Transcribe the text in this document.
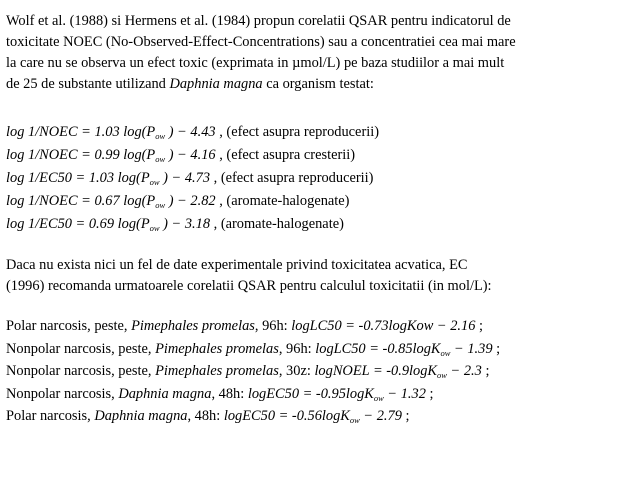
Wolf et al. (1988) si Hermens et al. (1984) propun corelatii QSAR pentru indicatorul de
toxicitate NOEC (No-Observed-Effect-Concentrations) sau a concentratiei cea mai mare
la care nu se observa un efect toxic (exprimata in µmol/L) pe baza studiilor a mai mult
de 25 de substante utilizand Daphnia magna ca organism testat:
log 1/NOEC = 1.03 $\log(P_{ow}$ ) − 4.43 , (efect asupra reproducerii)
log 1/NOEC = 0.99 $\log(P_{ow}$ ) − 4.16 , (efect asupra cresterii)
log 1/EC50 = 1.03 $\log(P_{ow}$ ) − 4.73 , (efect asupra reproducerii)
log 1/NOEC = 0.67 $\log(P_{ow}$ ) − 2.82 , (aromate-halogenate)
log 1/EC50 = 0.69 $\log(P_{ow}$ ) − 3.18 , (aromate-halogenate)
Daca nu exista nici un fel de date experimentale privind toxicitatea acvatica, EC
(1996) recomanda urmatoarele corelatii QSAR pentru calculul toxicitatii (in mol/L):
Polar narcosis, peste, Pimephales promelas, 96h: logLC50 = -0.73logKow − 2.16 ;
Nonpolar narcosis, peste, Pimephales promelas, 96h: logLC50 = -0.85logK$_{ow}$ − 1.39 ;
Nonpolar narcosis, peste, Pimephales promelas, 30z: logNOEL = -0.9logK$_{ow}$ − 2.3 ;
Nonpolar narcosis, Daphnia magna, 48h: logEC50 = -0.95logK$_{ow}$ − 1.32 ;
Polar narcosis, Daphnia magna, 48h: logEC50 = -0.56logK$_{ow}$ − 2.79 ;
